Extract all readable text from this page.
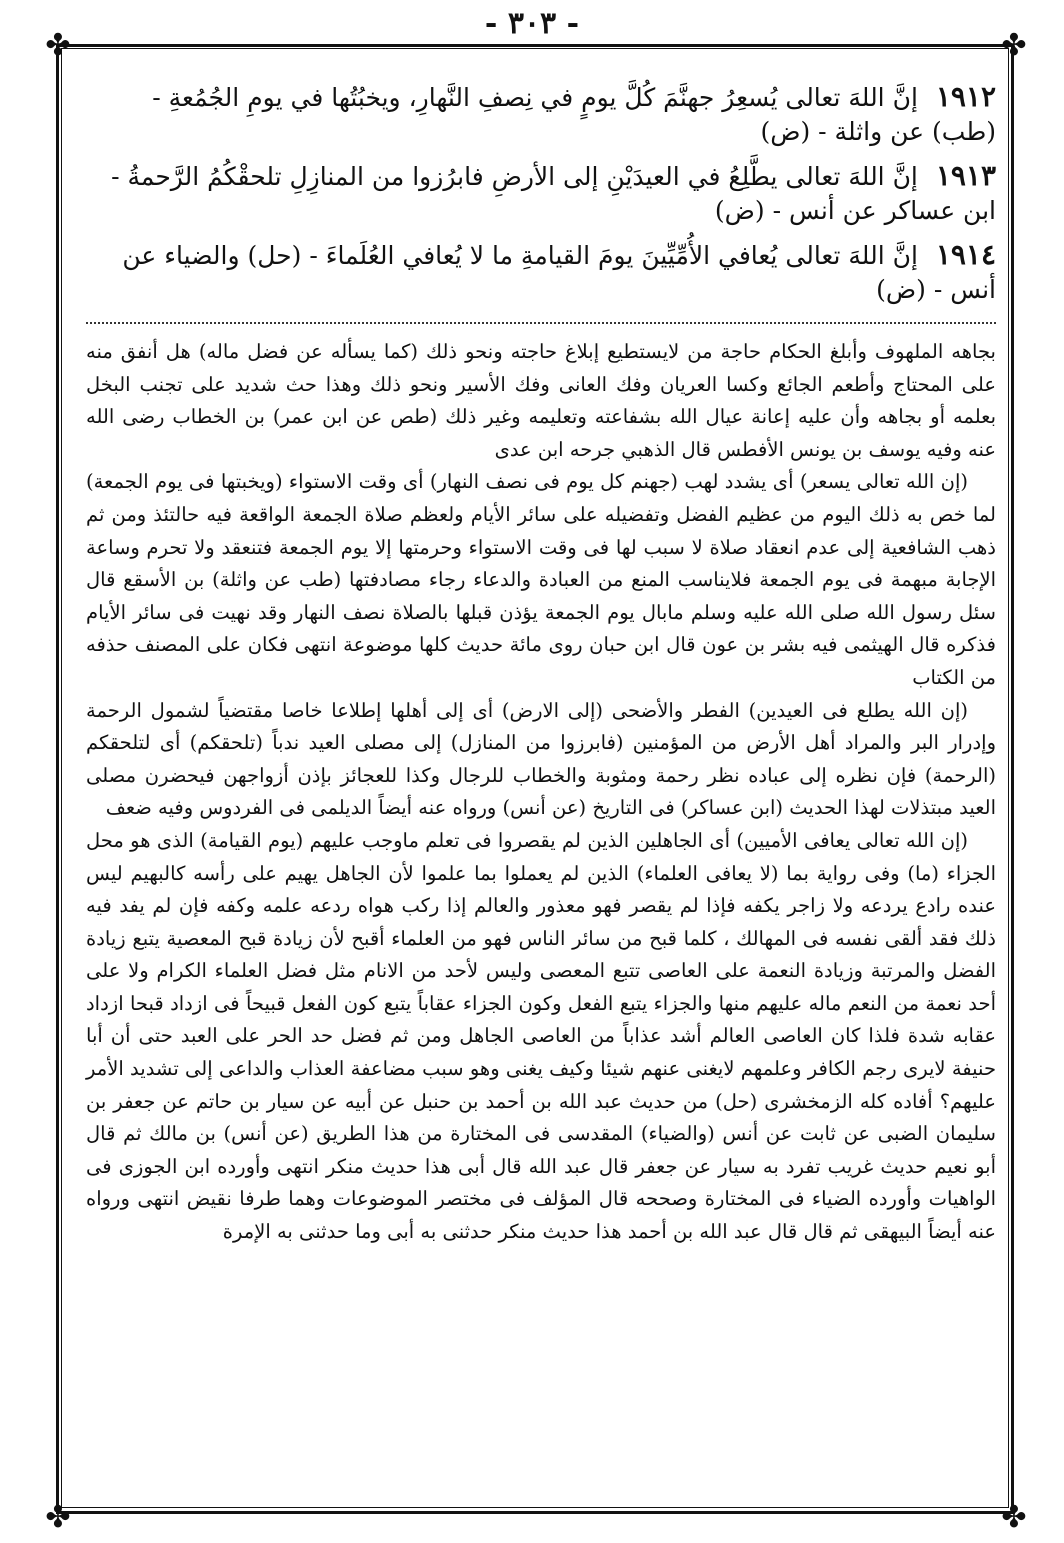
- ٣٠٣ -
✤	✤
✤	✤
١٩١٢ إنَّ اللهَ تعالى يُسعِرُ جهنَّمَ كُلَّ يومٍ في نِصفِ النَّهارِ، ويخبُتُها في يومِ الجُمُعةِ - (طب) عن واثلة - (ض)
١٩١٣ إنَّ اللهَ تعالى يطَّلِعُ في العيدَيْنِ إلى الأرضِ فابرُزوا من المنازِلِ تلحقْكُمُ الرَّحمةُ - ابن عساكر عن أنس - (ض)
١٩١٤ إنَّ اللهَ تعالى يُعافي الأُمِّيِّينَ يومَ القيامةِ ما لا يُعافي العُلَماءَ - (حل) والضياء عن أنس - (ض)

بجاهه الملهوف وأبلغ الحكام حاجة من لايستطيع إبلاغ حاجته ونحو ذلك (كما يسأله عن فضل ماله) هل أنفق منه على المحتاج وأطعم الجائع وكسا العريان وفك العانى وفك الأسير ونحو ذلك وهذا حث شديد على تجنب البخل بعلمه أو بجاهه وأن عليه إعانة عيال الله بشفاعته وتعليمه وغير ذلك (طص عن ابن عمر) بن الخطاب رضى الله عنه وفيه يوسف بن يونس الأفطس قال الذهبي جرحه ابن عدى

(إن الله تعالى يسعر) أى يشدد لهب (جهنم كل يوم فى نصف النهار) أى وقت الاستواء (ويخبتها فى يوم الجمعة) لما خص به ذلك اليوم من عظيم الفضل وتفضيله على سائر الأيام ولعظم صلاة الجمعة الواقعة فيه حالتئذ ومن ثم ذهب الشافعية إلى عدم انعقاد صلاة لا سبب لها فى وقت الاستواء وحرمتها إلا يوم الجمعة فتنعقد ولا تحرم وساعة الإجابة مبهمة فى يوم الجمعة فلايناسب المنع من العبادة والدعاء رجاء مصادفتها (طب عن واثلة) بن الأسقع قال سئل رسول الله صلى الله عليه وسلم مابال يوم الجمعة يؤذن قبلها بالصلاة نصف النهار وقد نهيت فى سائر الأيام فذكره قال الهيثمى فيه بشر بن عون قال ابن حبان روى مائة حديث كلها موضوعة انتهى فكان على المصنف حذفه من الكتاب

(إن الله يطلع فى العيدين) الفطر والأضحى (إلى الارض) أى إلى أهلها إطلاعا خاصا مقتضياً لشمول الرحمة وإدرار البر والمراد أهل الأرض من المؤمنين (فابرزوا من المنازل) إلى مصلى العيد ندباً (تلحقكم) أى لتلحقكم (الرحمة) فإن نظره إلى عباده نظر رحمة ومثوبة والخطاب للرجال وكذا للعجائز بإذن أزواجهن فيحضرن مصلى العيد مبتذلات لهذا الحديث (ابن عساكر) فى التاريخ (عن أنس) ورواه عنه أيضاً الديلمى فى الفردوس وفيه ضعف

(إن الله تعالى يعافى الأميين) أى الجاهلين الذين لم يقصروا فى تعلم ماوجب عليهم (يوم القيامة) الذى هو محل الجزاء (ما) وفى رواية بما (لا يعافى العلماء) الذين لم يعملوا بما علموا لأن الجاهل يهيم على رأسه كالبهيم ليس عنده رادع يردعه ولا زاجر يكفه فإذا لم يقصر فهو معذور والعالم إذا ركب هواه ردعه علمه وكفه فإن لم يفد فيه ذلك فقد ألقى نفسه فى المهالك ، كلما قبح من سائر الناس فهو من العلماء أقبح لأن زيادة قبح المعصية يتبع زيادة الفضل والمرتبة وزيادة النعمة على العاصى تتبع المعصى وليس لأحد من الانام مثل فضل العلماء الكرام ولا على أحد نعمة من النعم ماله عليهم منها والجزاء يتبع الفعل وكون الجزاء عقاباً يتبع كون الفعل قبيحاً فى ازداد قبحا ازداد عقابه شدة فلذا كان العاصى العالم أشد عذاباً من العاصى الجاهل ومن ثم فضل حد الحر على العبد حتى أن أبا حنيفة لايرى رجم الكافر وعلمهم لايغنى عنهم شيئا وكيف يغنى وهو سبب مضاعفة العذاب والداعى إلى تشديد الأمر عليهم؟ أفاده كله الزمخشرى (حل) من حديث عبد الله بن أحمد بن حنبل عن أبيه عن سيار بن حاتم عن جعفر بن سليمان الضبى عن ثابت عن أنس (والضياء) المقدسى فى المختارة من هذا الطريق (عن أنس) بن مالك ثم قال أبو نعيم حديث غريب تفرد به سيار عن جعفر قال عبد الله قال أبى هذا حديث منكر انتهى وأورده ابن الجوزى فى الواهيات وأورده الضياء فى المختارة وصححه قال المؤلف فى مختصر الموضوعات وهما طرفا نقيض انتهى ورواه عنه أيضاً البيهقى ثم قال قال عبد الله بن أحمد هذا حديث منكر حدثنى به أبى وما حدثنى به الإمرة
